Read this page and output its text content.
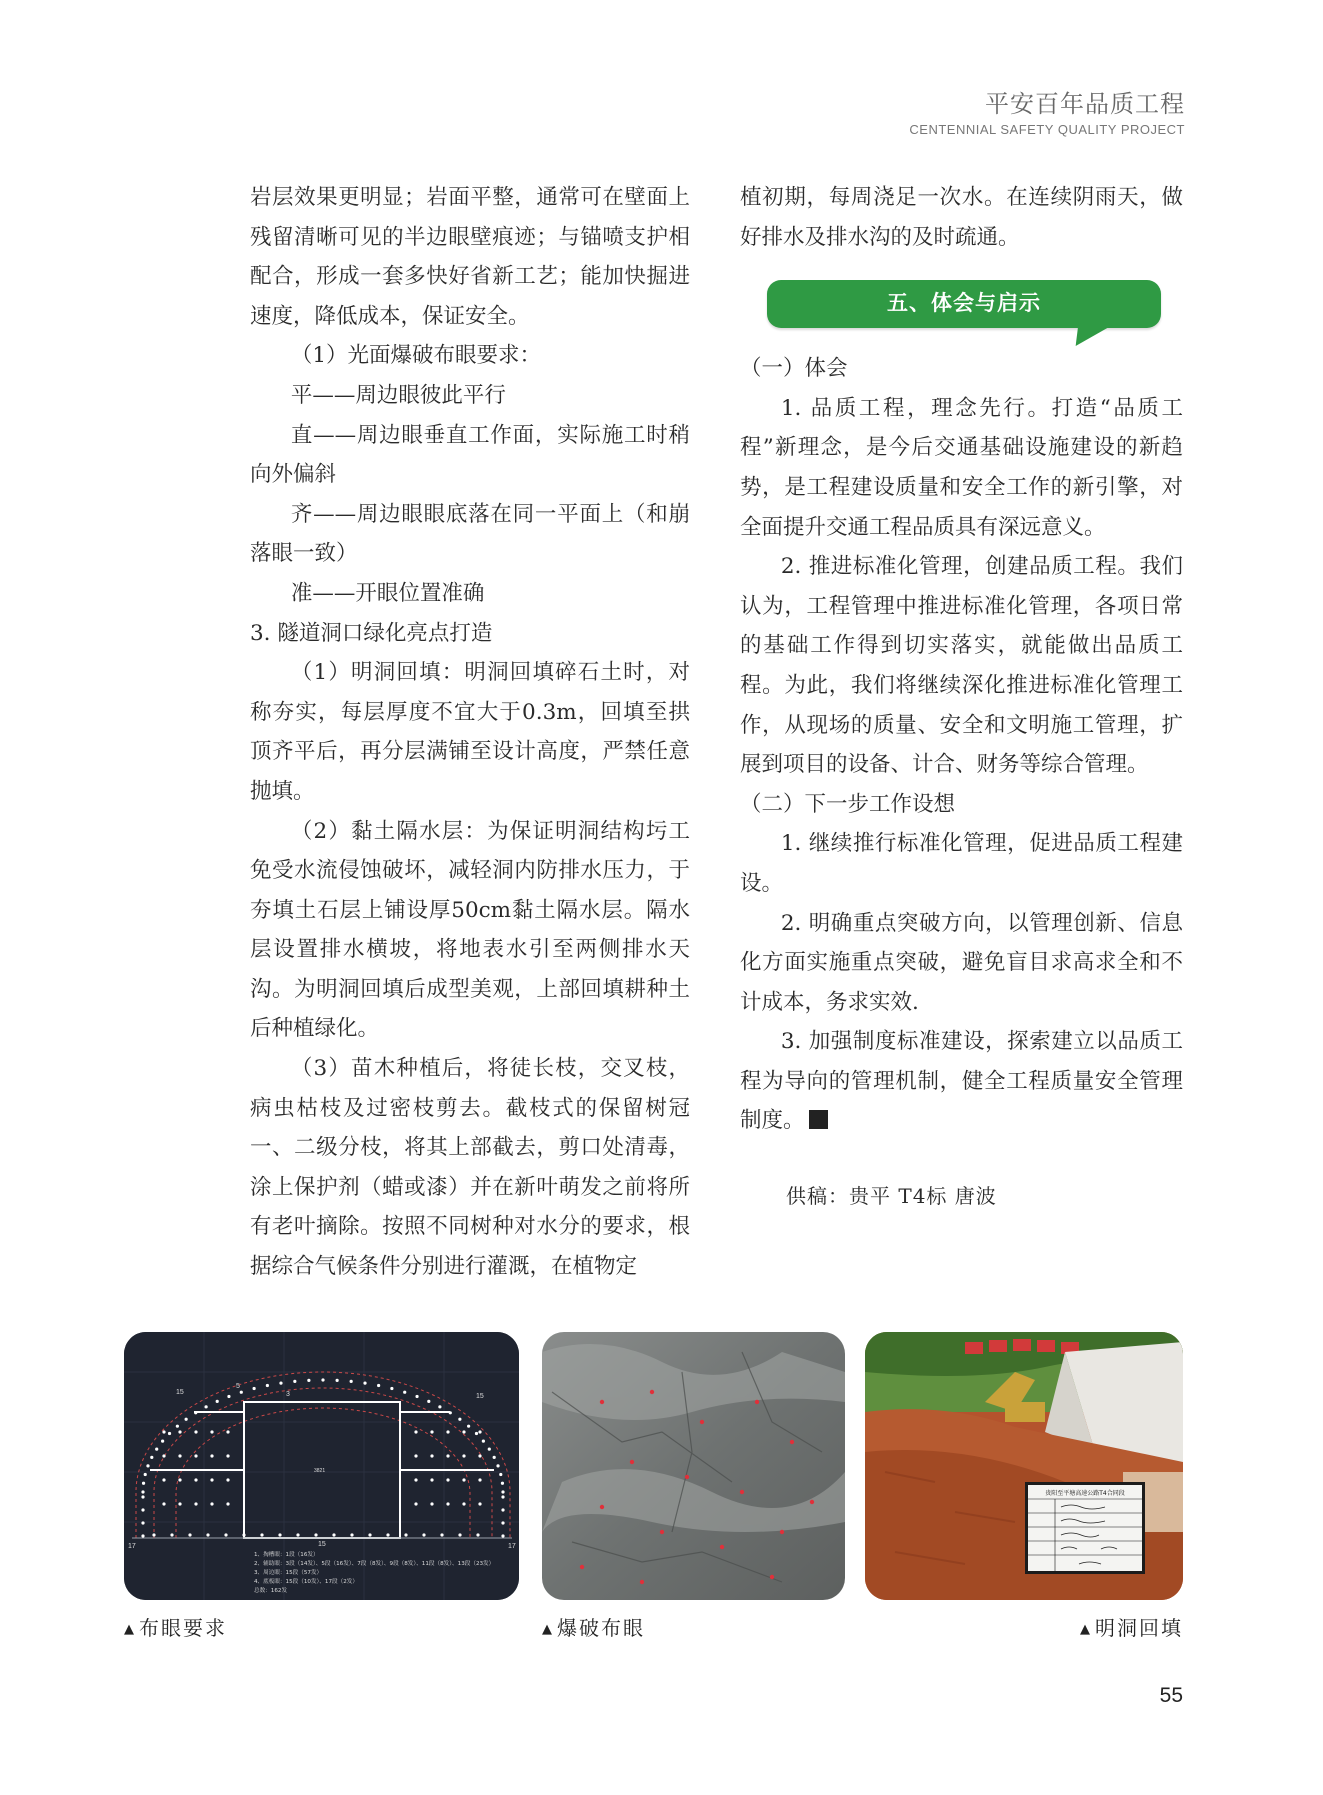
平安百年品质工程
CENTENNIAL SAFETY QUALITY PROJECT

岩层效果更明显；岩面平整，通常可在壁面上残留清晰可见的半边眼壁痕迹；与锚喷支护相配合，形成一套多快好省新工艺；能加快掘进速度，降低成本，保证安全。

（1）光面爆破布眼要求：

平——周边眼彼此平行

直——周边眼垂直工作面，实际施工时稍向外偏斜

齐——周边眼眼底落在同一平面上（和崩落眼一致）

准——开眼位置准确

3. 隧道洞口绿化亮点打造

（1）明洞回填：明洞回填碎石土时，对称夯实，每层厚度不宜大于0.3m，回填至拱顶齐平后，再分层满铺至设计高度，严禁任意抛填。

（2）黏土隔水层：为保证明洞结构圬工免受水流侵蚀破坏，减轻洞内防排水压力，于夯填土石层上铺设厚50cm黏土隔水层。隔水层设置排水横坡，将地表水引至两侧排水天沟。为明洞回填后成型美观，上部回填耕种土后种植绿化。

（3）苗木种植后，将徒长枝，交叉枝，病虫枯枝及过密枝剪去。截枝式的保留树冠一、二级分枝，将其上部截去，剪口处清毒，涂上保护剂（蜡或漆）并在新叶萌发之前将所有老叶摘除。按照不同树种对水分的要求，根据综合气候条件分别进行灌溉，在植物定

植初期，每周浇足一次水。在连续阴雨天，做好排水及排水沟的及时疏通。

五、体会与启示

（一）体会

1. 品质工程，理念先行。打造“品质工程”新理念，是今后交通基础设施建设的新趋势，是工程建设质量和安全工作的新引擎，对全面提升交通工程品质具有深远意义。

2. 推进标准化管理，创建品质工程。我们认为，工程管理中推进标准化管理，各项日常的基础工作得到切实落实，就能做出品质工程。为此，我们将继续深化推进标准化管理工作，从现场的质量、安全和文明施工管理，扩展到项目的设备、计合、财务等综合管理。

（二）下一步工作设想

1. 继续推行标准化管理，促进品质工程建设。

2. 明确重点突破方向，以管理创新、信息化方面实施重点突破，避免盲目求高求全和不计成本，务求实效.

3. 加强制度标准建设，探索建立以品质工程为导向的管理机制，健全工程质量安全管理制度。

供稿：贵平 T4标 唐波
15
5
3	15
17	17
15
3821
1、掏槽眼：1段（16发）
2、辅助眼：3段（14发）、5段（16发）、7段（8发）、9段（8发）、11段（8发）、13段（23发）
3、周边眼：15段（57发）
4、底板眼：15段（10发）、17段（2发）
总数：162发
贵阳至平塘高速公路T4合同段
▲ 布眼要求	▲ 爆破布眼	▲ 明洞回填
55
